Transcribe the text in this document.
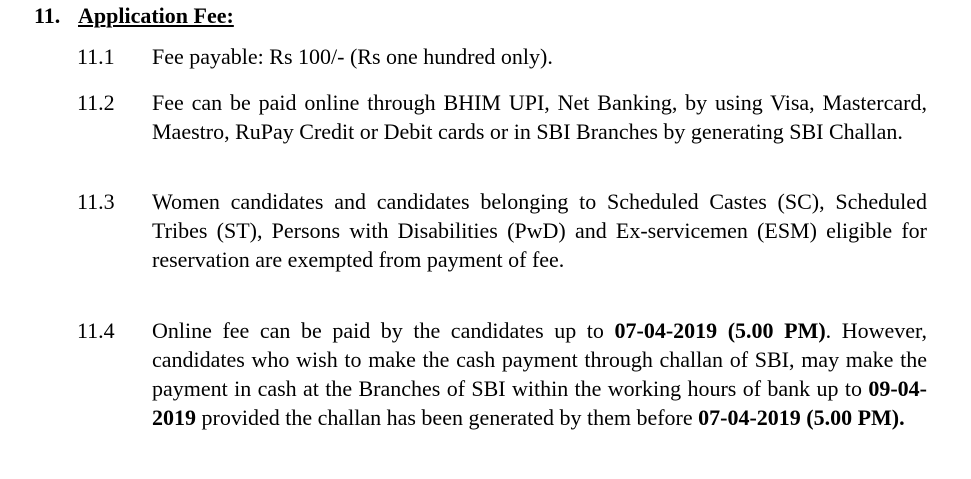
11. Application Fee:
11.1 Fee payable: Rs 100/- (Rs one hundred only).
11.2 Fee can be paid online through BHIM UPI, Net Banking, by using Visa, Mastercard, Maestro, RuPay Credit or Debit cards or in SBI Branches by generating SBI Challan.
11.3 Women candidates and candidates belonging to Scheduled Castes (SC), Scheduled Tribes (ST), Persons with Disabilities (PwD) and Ex-servicemen (ESM) eligible for reservation are exempted from payment of fee.
11.4 Online fee can be paid by the candidates up to 07-04-2019 (5.00 PM). However, candidates who wish to make the cash payment through challan of SBI, may make the payment in cash at the Branches of SBI within the working hours of bank up to 09-04-2019 provided the challan has been generated by them before 07-04-2019 (5.00 PM).
